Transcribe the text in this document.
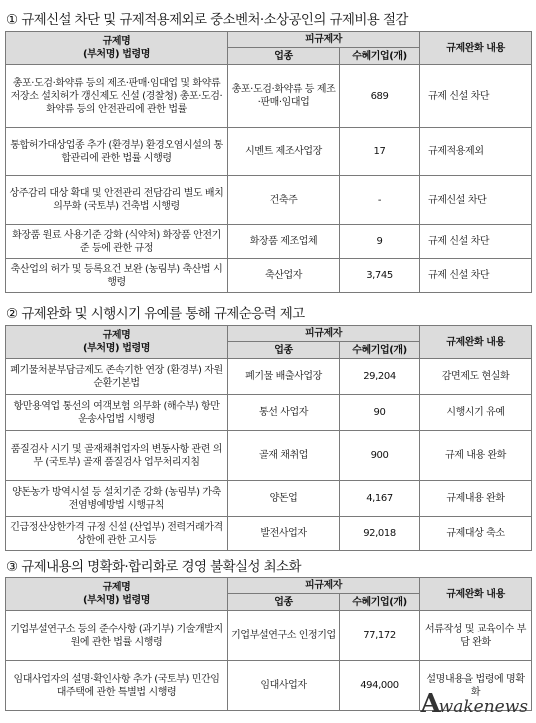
① 규제신설 차단 및 규제적용제외로 중소벤처·소상공인의 규제비용 절감
규제명
(부처명) 법령명	피규제자		규제완화 내용
	업종	수혜기업(개)	
총포·도검·화약류 등의 제조·판매·임대업 및 화약류저장소 설치허가 갱신제도 신설 (경찰청) 총포·도검·화약류 등의 안전관리에 관한 법률	총포·도검·화약류 등 제조·판매·임대업	689	규제 신설 차단
통합허가대상업종 추가 (환경부) 환경오염시설의 통합관리에 관한 법률 시행령	시멘트 제조사업장	17	규제적용제외
상주감리 대상 확대 및 안전관리 전담감리 별도 배치 의무화 (국토부) 건축법 시행령	건축주	-	규제신설 차단
화장품 원료 사용기준 강화 (식약처) 화장품 안전기준 등에 관한 규정	화장품 제조업체	9	규제 신설 차단
축산업의 허가 및 등록요건 보완 (농림부) 축산법 시행령	축산업자	3,745	규제 신설 차단
② 규제완화 및 시행시기 유예를 통해 규제순응력 제고
규제명
(부처명) 법령명	피규제자		규제완화 내용
	업종	수혜기업(개)	
폐기물처분부담금제도 존속기한 연장 (환경부) 자원순환기본법	폐기물 배출사업장	29,204	감면제도 현실화
항만용역업 통선의 여객보험 의무화 (해수부) 항만운송사업법 시행령	통선 사업자	90	시행시기 유예
품질검사 시기 및 골재채취업자의 변동사항 관련 의무 (국토부) 골재 품질검사 업무처리지침	골재 채취업	900	규제 내용 완화
양돈농가 방역시설 등 설치기준 강화 (농림부) 가축전염병예방법 시행규칙	양돈업	4,167	규제내용 완화
긴급정산상한가격 규정 신설 (산업부) 전력거래가격 상한에 관한 고시등	발전사업자	92,018	규제대상 축소
③ 규제내용의 명확화·합리화로 경영 불확실성 최소화
규제명
(부처명) 법령명	피규제자		규제완화 내용
	업종	수혜기업(개)	
기업부설연구소 등의 준수사항 (과기부) 기술개발지원에 관한 법률 시행령	기업부설연구소 인정기업	77,172	서류작성 및 교육이수 부담 완화
임대사업자의 설명·확인사항 추가 (국토부) 민간임대주택에 관한 특별법 시행령	임대사업자	494,000	설명내용을 법령에 명확화
A
wakenews
